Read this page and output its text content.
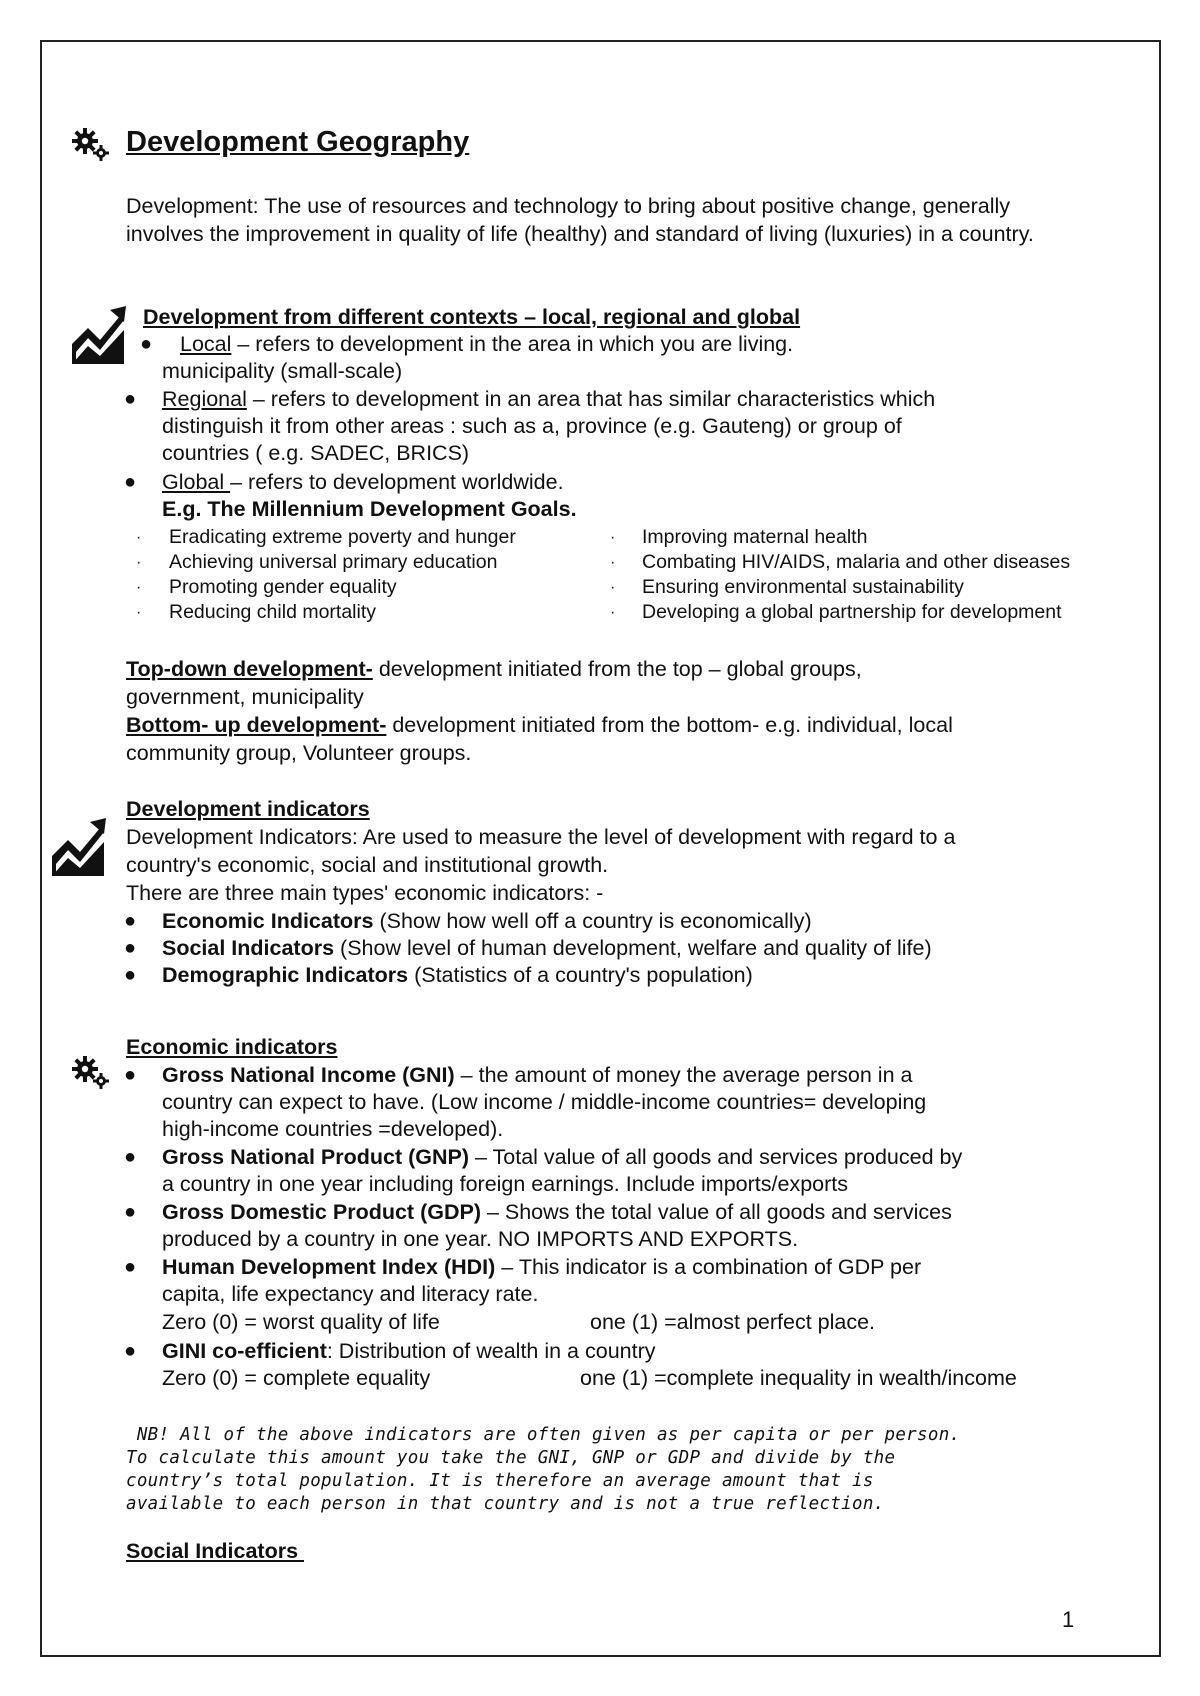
Development Geography
Development: The use of resources and technology to bring about positive change, generally involves the improvement in quality of life (healthy) and standard of living (luxuries) in a country.
Development from different contexts – local, regional and global
● Local – refers to development in the area in which you are living.
municipality (small-scale)
● Regional – refers to development in an area that has similar characteristics which
distinguish it from other areas : such as a, province (e.g. Gauteng) or group of
countries ( e.g. SADEC, BRICS)
● Global – refers to development worldwide.
E.g. The Millennium Development Goals.
· Eradicating extreme poverty and hunger
· Achieving universal primary education
· Promoting gender equality
· Reducing child mortality
· Improving maternal health
· Combating HIV/AIDS, malaria and other diseases
· Ensuring environmental sustainability
· Developing a global partnership for development
Top-down development- development initiated from the top – global groups,
government, municipality
Bottom- up development- development initiated from the bottom- e.g. individual, local
community group, Volunteer groups.
Development indicators
Development Indicators: Are used to measure the level of development with regard to a
country's economic, social and institutional growth.
There are three main types' economic indicators: -
● Economic Indicators (Show how well off a country is economically)
● Social Indicators (Show level of human development, welfare and quality of life)
● Demographic Indicators (Statistics of a country's population)
Economic indicators
● Gross National Income (GNI) – the amount of money the average person in a
country can expect to have. (Low income / middle-income countries= developing
high-income countries =developed).
● Gross National Product (GNP) – Total value of all goods and services produced by
a country in one year including foreign earnings. Include imports/exports
● Gross Domestic Product (GDP) – Shows the total value of all goods and services
produced by a country in one year. NO IMPORTS AND EXPORTS.
● Human Development Index (HDI) – This indicator is a combination of GDP per
capita, life expectancy and literacy rate.
Zero (0) = worst quality of life	one (1) =almost perfect place.
● GINI co-efficient: Distribution of wealth in a country
Zero (0) = complete equality	one (1) =complete inequality in wealth/income
NB! All of the above indicators are often given as per capita or per person.
To calculate this amount you take the GNI, GNP or GDP and divide by the
country’s total population. It is therefore an average amount that is
available to each person in that country and is not a true reflection.
Social Indicators
1
